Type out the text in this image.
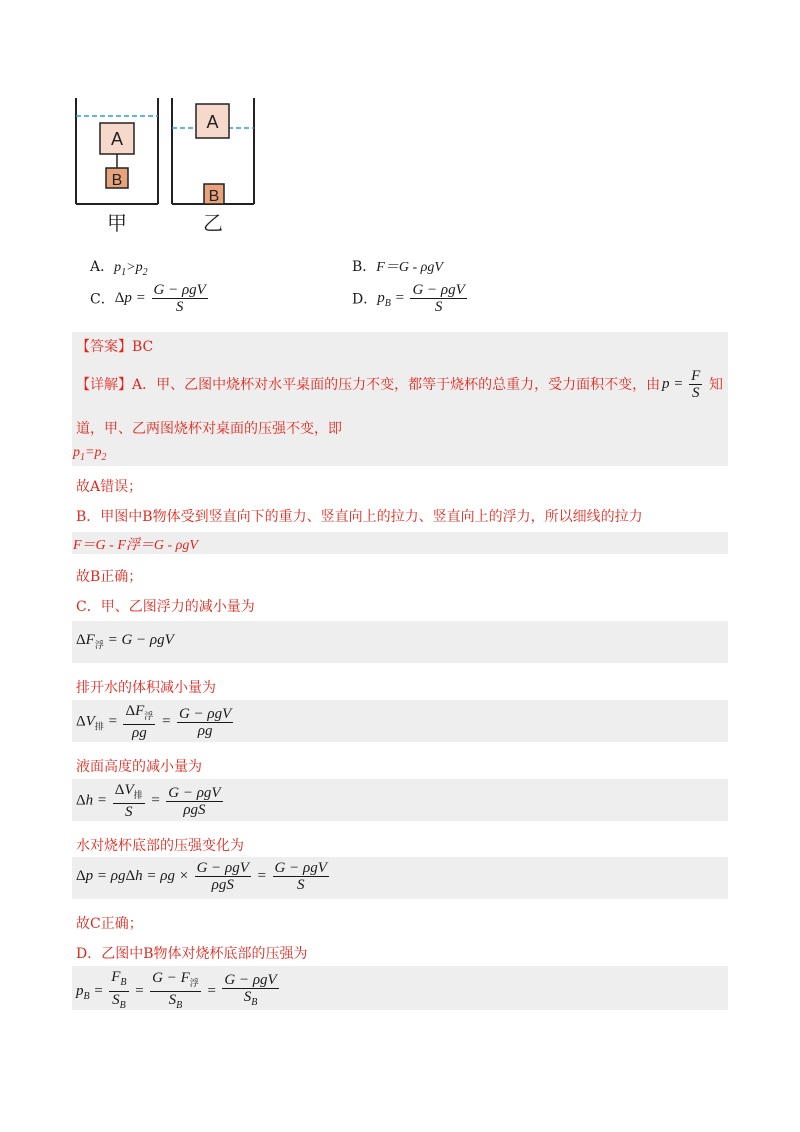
A
B
A
B
甲	乙
A．$p_1>p_2$	B．F＝G - ρgV
C．$\Delta p = \frac{\text{G − ρgV}}{S}$	D．$p_B = \frac{\text{G − ρgV}}{S}$
【答案】BC
【详解】A．甲、乙图中烧杯对水平桌面的压力不变，都等于烧杯的总重力，受力面积不变，由 $p = \frac{F}{S}$ 知
道，甲、乙两图烧杯对桌面的压强不变，即
$p_1=p_2$
故A错误；
B．甲图中B物体受到竖直向下的重力、竖直向上的拉力、竖直向上的浮力，所以细线的拉力
F＝G - F浮＝G - ρgV
故B正确；
C．甲、乙图浮力的减小量为
$\Delta F_浮 = G - \rho gV$
排开水的体积减小量为
$\Delta V_排 = \frac{\Delta F_浮}{\rho g} = \frac{\text{G − ρgV}}{\rho g}$
液面高度的减小量为
$\Delta h = \frac{\Delta V_排}{S} = \frac{\text{G − ρgV}}{\text{ρgS}}$
水对烧杯底部的压强变化为
$\Delta p = \rho g\Delta h = \rho g \times \frac{\text{G − ρgV}}{\text{ρgS}} = \frac{\text{G − ρgV}}{S}$
故C正确；
D．乙图中B物体对烧杯底部的压强为
$p_B = \frac{F_B}{S_B} = \frac{G - F_浮}{S_B} = \frac{\text{G − ρgV}}{S_B}$
